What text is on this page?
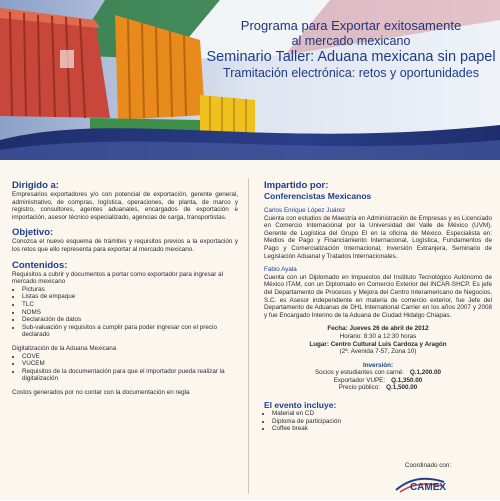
Programa para Exportar exitosamente
al mercado mexicano
Seminario Taller: Aduana mexicana sin papel
Tramitación electrónica: retos y oportunidades

Dirigido a:

Empresarios exportadores y/o con potencial de exportación, gerente general, administrativo, de compras, logística, operaciones, de planta, de marco y registro, consultores, agentes aduanales, encargados de exportación e importación, asesor técnico especializado, agencias de carga, transportistas.

Objetivo:

Conozca el nuevo esquema de trámites y requisitos previos a la exportación y los retos que ello representa para exportar al mercado mexicano.

Contenidos:

Requisitos a cubrir y documentos a portar como exportador para ingresar al mercado mexicano

• Picturas
• Listas de empaque
• TLC
• NOMS
• Declaración de datos
• Sub-valuación y requisitos a cumplir para poder ingresar con el precio declarado

Digitalización de la Aduana Mexicana

• COVE
• VUCEM
• Requisitos de la documentación para que el importador pueda realizar la digitalización

Costos generados por no contar con la documentación en regla

Impartido por:

Conferencistas Mexicanos

Carlos Enrique López Juárez

Cuenta con estudios de Maestría en Administración de Empresas y es Licenciado en Comercio Internacional por la Universidad del Valle de México (UVM). Gerente de Logística del Grupo El en la oficina de México. Especialista en: Medios de Pago y Financiamiento Internacional, Logística, Fundamentos de Pago y Comercialización Internacional, Inversión Extranjera, Seminario de Legislación Aduanal y Tratados Internacionales.

Fabio Ayala

Cuenta con un Diplomado en Impuestos del Instituto Tecnológico Autónomo de México ITAM, con un Diplomado en Comercio Exterior del INCAR-SHCP. Es jefe del Departamento de Procesos y Mejora del Centro Interamericano de Negocios, S.C. es Asesor independiente en materia de comercio exterior, fue Jefe del Departamento de Aduanas de DHL International Carrier en los años 2007 y 2008 y fue Encargado Interino de la Aduana de Ciudad Hidalgo Chiapas.

Fecha: Jueves 26 de abril de 2012

Horario: 8:30 a 12:30 horas

Lugar: Centro Cultural Luis Cardoza y Aragón

(2ª. Avenida 7-57, Zona 10)

Inversión:

Socios y estudiantes con carné: Q.1,200.00
Exportador VUPE: Q.1,350.00
Precio público: Q.1,500.00

El evento incluye:

• Material en CD
• Diploma de participación
• Coffee break

Coordinado con:

CAMEX
